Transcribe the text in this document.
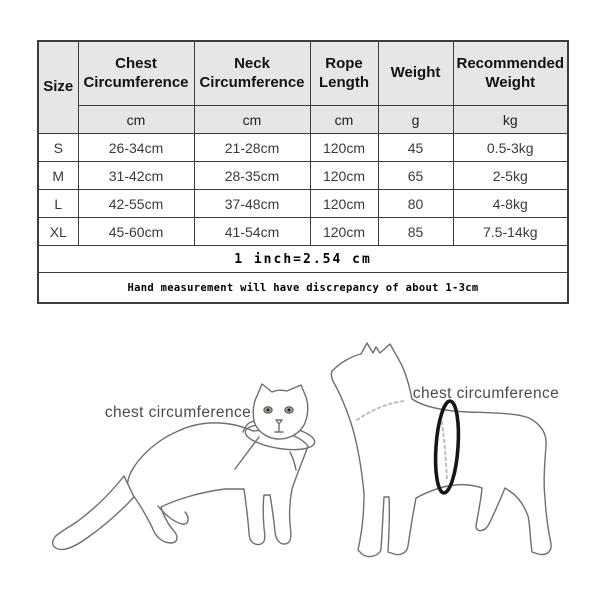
Size	Chest Circumference	Neck Circumference	Rope Length	Weight	Recommended Weight
	cm	cm	cm	g	kg
S	26-34cm	21-28cm	120cm	45	0.5-3kg
M	31-42cm	28-35cm	120cm	65	2-5kg
L	42-55cm	37-48cm	120cm	80	4-8kg
XL	45-60cm	41-54cm	120cm	85	7.5-14kg
1 inch=2.54 cm					
Hand measurement will have discrepancy of about 1-3cm					
chest circumference
chest circumference
